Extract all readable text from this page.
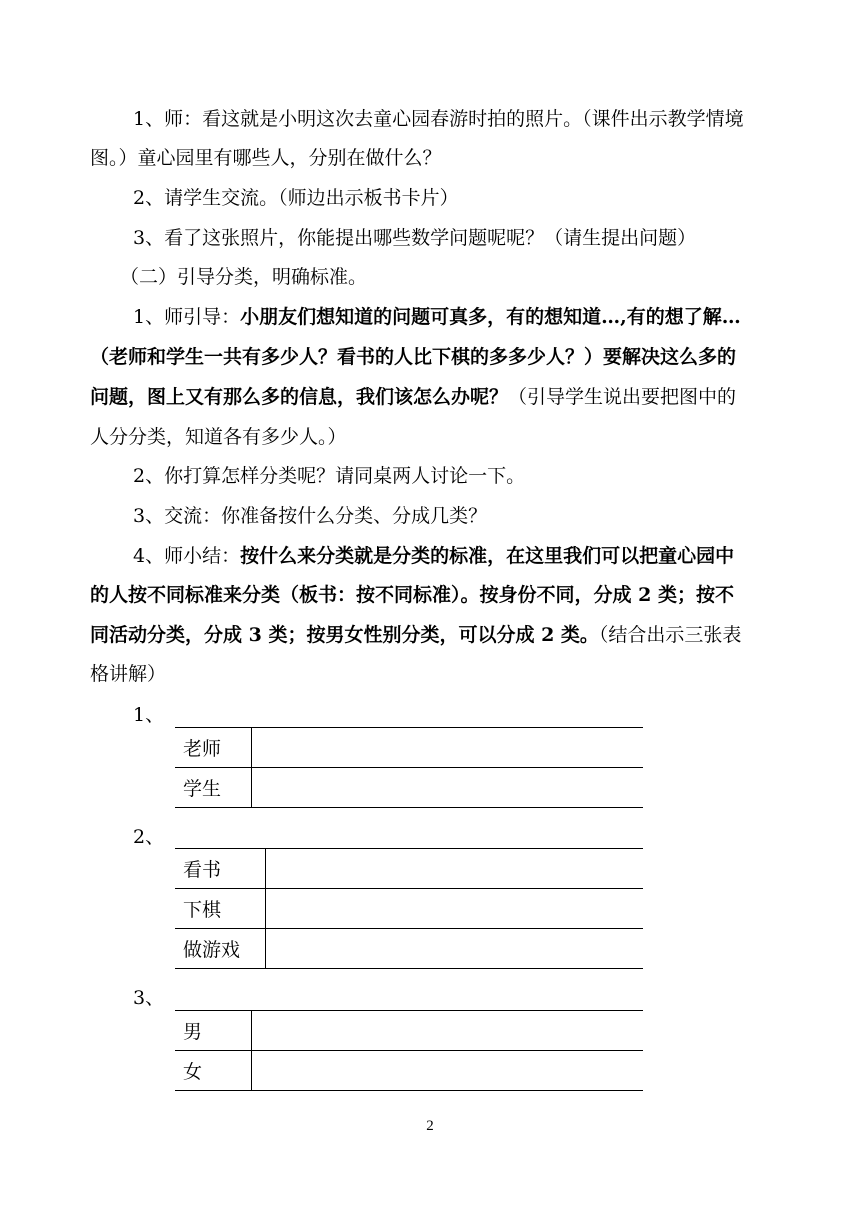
1、师：看这就是小明这次去童心园春游时拍的照片。（课件出示教学情境
图。）童心园里有哪些人，分别在做什么？
2、请学生交流。（师边出示板书卡片）
3、看了这张照片，你能提出哪些数学问题呢呢？（请生提出问题）
（二）引导分类，明确标准。
1、师引导：小朋友们想知道的问题可真多，有的想知道…,有的想了解…
（老师和学生一共有多少人？看书的人比下棋的多多少人？）要解决这么多的
问题，图上又有那么多的信息，我们该怎么办呢？（引导学生说出要把图中的
人分分类，知道各有多少人。）
2、你打算怎样分类呢？请同桌两人讨论一下。
3、交流：你准备按什么分类、分成几类？
4、师小结：按什么来分类就是分类的标准，在这里我们可以把童心园中
的人按不同标准来分类（板书：按不同标准）。按身份不同，分成 2 类；按不
同活动分类，分成 3 类；按男女性别分类，可以分成 2 类。（结合出示三张表
格讲解）
1、
老师	
学生	
2、
看书	
下棋	
做游戏	
3、
男	
女	
2
